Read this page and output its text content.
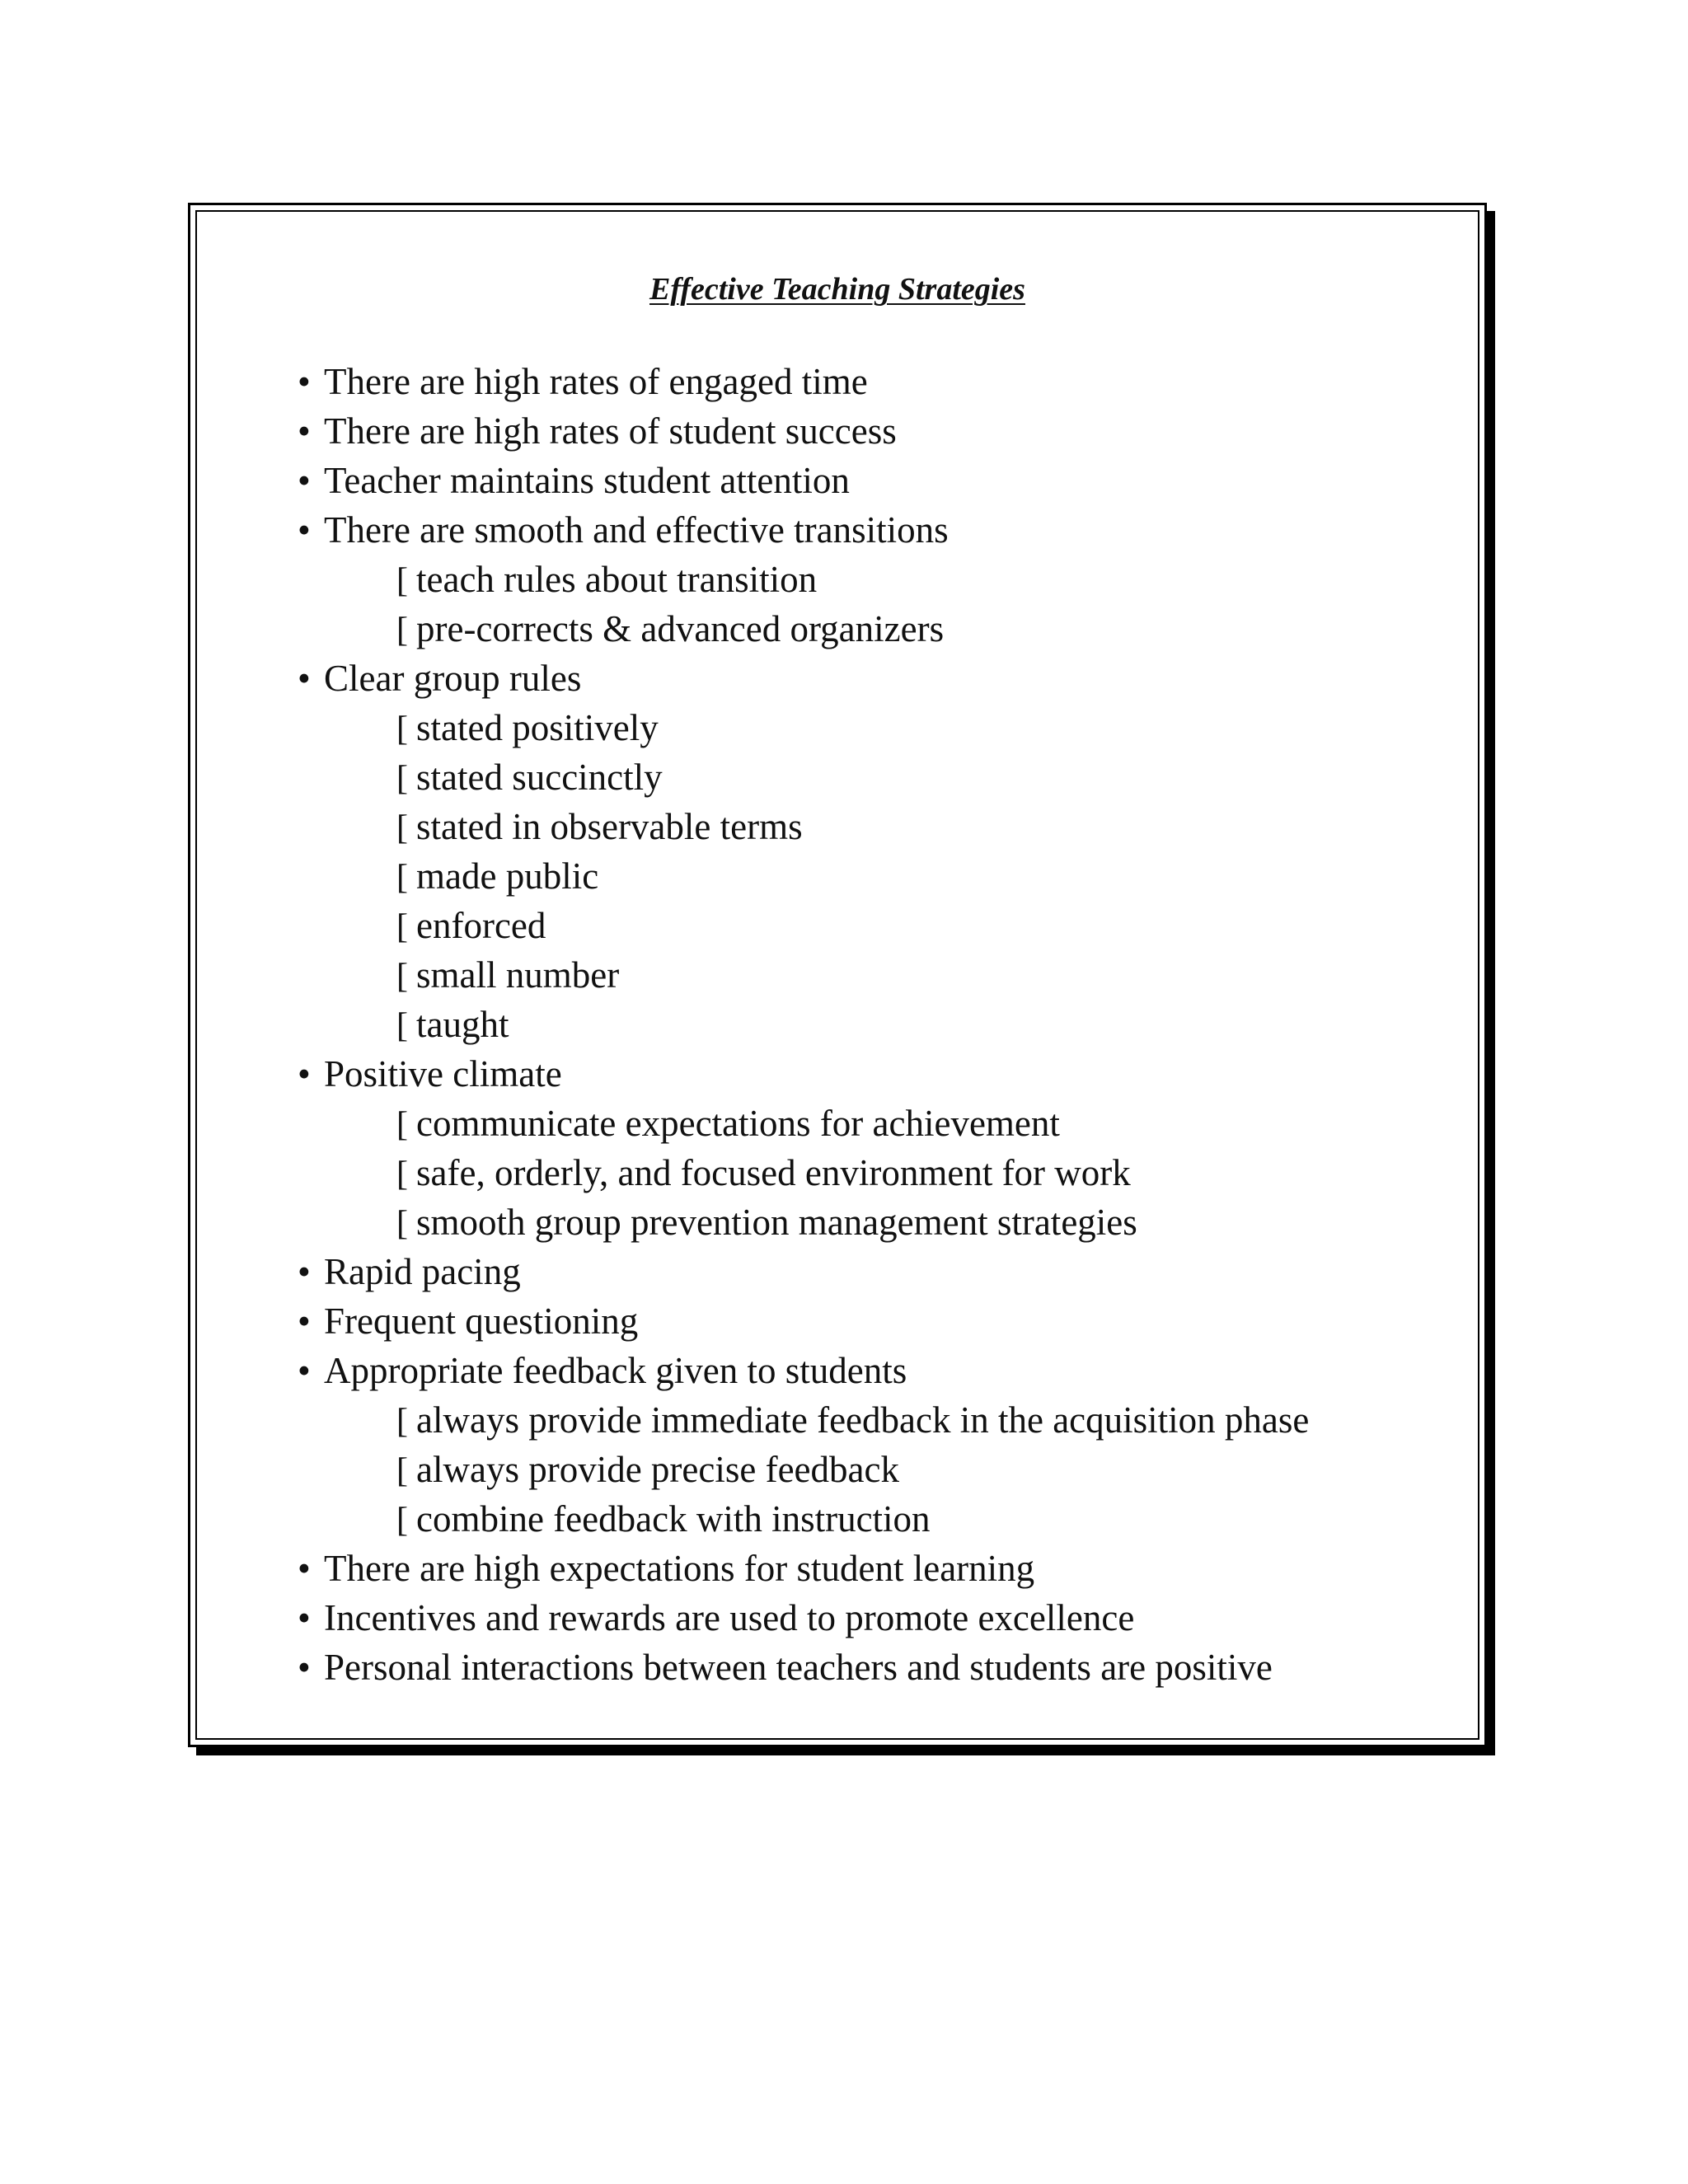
Effective Teaching Strategies
• There are high rates of engaged time
• There are high rates of student success
• Teacher maintains student attention
• There are smooth and effective transitions
[ teach rules about transition
[ pre-corrects & advanced organizers
• Clear group rules
[ stated positively
[ stated succinctly
[ stated in observable terms
[ made public
[ enforced
[ small number
[ taught
• Positive climate
[ communicate expectations for achievement
[ safe, orderly, and focused environment for work
[ smooth group prevention management strategies
• Rapid pacing
• Frequent questioning
• Appropriate feedback given to students
[ always provide immediate feedback in the acquisition phase
[ always provide precise feedback
[ combine feedback with instruction
• There are high expectations for student learning
• Incentives and rewards are used to promote excellence
• Personal interactions between teachers and students are positive
